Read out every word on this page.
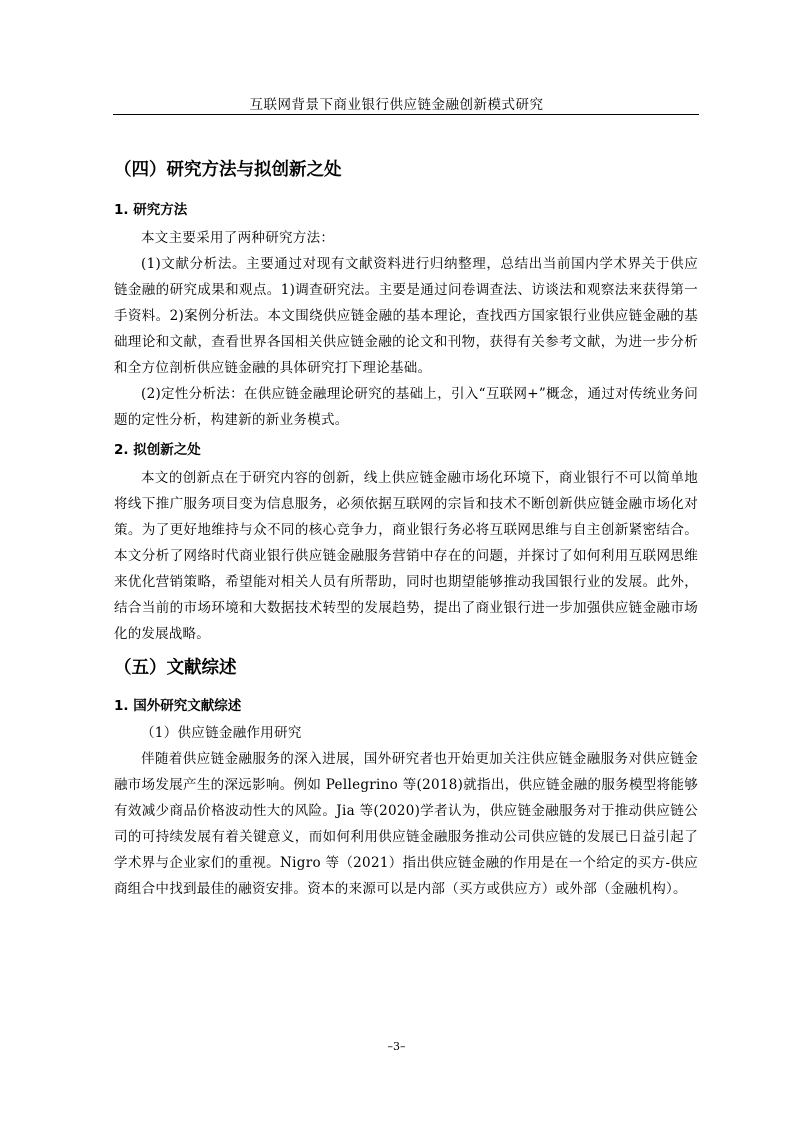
互联网背景下商业银行供应链金融创新模式研究
（四）研究方法与拟创新之处
1. 研究方法

本文主要采用了两种研究方法：

(1)文献分析法。主要通过对现有文献资料进行归纳整理，总结出当前国内学术界关于供应链金融的研究成果和观点。1)调查研究法。主要是通过问卷调查法、访谈法和观察法来获得第一手资料。2)案例分析法。本文围绕供应链金融的基本理论，查找西方国家银行业供应链金融的基础理论和文献，查看世界各国相关供应链金融的论文和刊物，获得有关参考文献，为进一步分析和全方位剖析供应链金融的具体研究打下理论基础。

(2)定性分析法：在供应链金融理论研究的基础上，引入“互联网+”概念，通过对传统业务问题的定性分析，构建新的新业务模式。

2. 拟创新之处

本文的创新点在于研究内容的创新，线上供应链金融市场化环境下，商业银行不可以简单地将线下推广服务项目变为信息服务，必须依据互联网的宗旨和技术不断创新供应链金融市场化对策。为了更好地维持与众不同的核心竞争力，商业银行务必将互联网思维与自主创新紧密结合。本文分析了网络时代商业银行供应链金融服务营销中存在的问题，并探讨了如何利用互联网思维来优化营销策略，希望能对相关人员有所帮助，同时也期望能够推动我国银行业的发展。此外，结合当前的市场环境和大数据技术转型的发展趋势，提出了商业银行进一步加强供应链金融市场化的发展战略。

（五）文献综述
1. 国外研究文献综述

（1）供应链金融作用研究

伴随着供应链金融服务的深入进展，国外研究者也开始更加关注供应链金融服务对供应链金融市场发展产生的深远影响。例如 Pellegrino 等(2018)就指出，供应链金融的服务模型将能够有效减少商品价格波动性大的风险。Jia 等(2020)学者认为，供应链金融服务对于推动供应链公司的可持续发展有着关键意义，而如何利用供应链金融服务推动公司供应链的发展已日益引起了学术界与企业家们的重视。Nigro 等（2021）指出供应链金融的作用是在一个给定的买方-供应商组合中找到最佳的融资安排。资本的来源可以是内部（买方或供应方）或外部（金融机构）。

–3–
